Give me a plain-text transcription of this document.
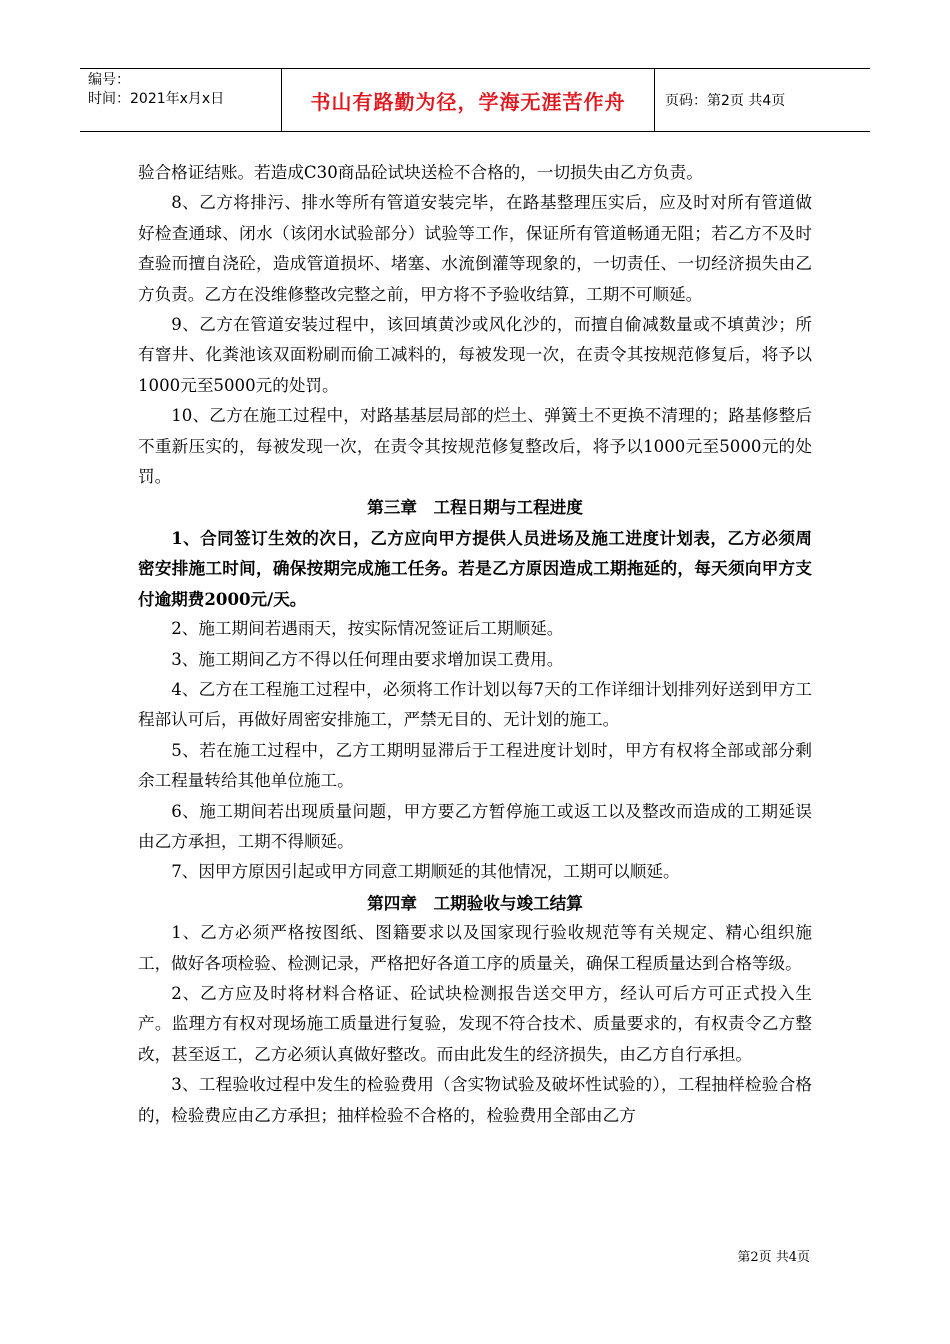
编号：
时间：2021年x月x日	书山有路勤为径，学海无涯苦作舟	页码：第2页 共4页

验合格证结账。若造成C30商品砼试块送检不合格的，一切损失由乙方负责。

8、乙方将排污、排水等所有管道安装完毕，在路基整理压实后，应及时对所有管道做好检查通球、闭水（该闭水试验部分）试验等工作，保证所有管道畅通无阻；若乙方不及时查验而擅自浇砼，造成管道损坏、堵塞、水流倒灌等现象的，一切责任、一切经济损失由乙方负责。乙方在没维修整改完整之前，甲方将不予验收结算，工期不可顺延。

9、乙方在管道安装过程中，该回填黄沙或风化沙的，而擅自偷减数量或不填黄沙；所有窨井、化粪池该双面粉刷而偷工减料的，每被发现一次，在责令其按规范修复后，将予以1000元至5000元的处罚。

10、乙方在施工过程中，对路基基层局部的烂土、弹簧土不更换不清理的；路基修整后不重新压实的，每被发现一次，在责令其按规范修复整改后，将予以1000元至5000元的处罚。

第三章　工程日期与工程进度

1、合同签订生效的次日，乙方应向甲方提供人员进场及施工进度计划表，乙方必须周密安排施工时间，确保按期完成施工任务。若是乙方原因造成工期拖延的，每天须向甲方支付逾期费2000元/天。

2、施工期间若遇雨天，按实际情况签证后工期顺延。

3、施工期间乙方不得以任何理由要求增加误工费用。

4、乙方在工程施工过程中，必须将工作计划以每7天的工作详细计划排列好送到甲方工程部认可后，再做好周密安排施工，严禁无目的、无计划的施工。

5、若在施工过程中，乙方工期明显滞后于工程进度计划时，甲方有权将全部或部分剩余工程量转给其他单位施工。

6、施工期间若出现质量问题，甲方要乙方暂停施工或返工以及整改而造成的工期延误由乙方承担，工期不得顺延。

7、因甲方原因引起或甲方同意工期顺延的其他情况，工期可以顺延。

第四章　工期验收与竣工结算

1、乙方必须严格按图纸、图籍要求以及国家现行验收规范等有关规定、精心组织施工，做好各项检验、检测记录，严格把好各道工序的质量关，确保工程质量达到合格等级。

2、乙方应及时将材料合格证、砼试块检测报告送交甲方，经认可后方可正式投入生产。监理方有权对现场施工质量进行复验，发现不符合技术、质量要求的，有权责令乙方整改，甚至返工，乙方必须认真做好整改。而由此发生的经济损失，由乙方自行承担。

3、工程验收过程中发生的检验费用（含实物试验及破坏性试验的），工程抽样检验合格的，检验费应由乙方承担；抽样检验不合格的，检验费用全部由乙方

第2页 共4页
